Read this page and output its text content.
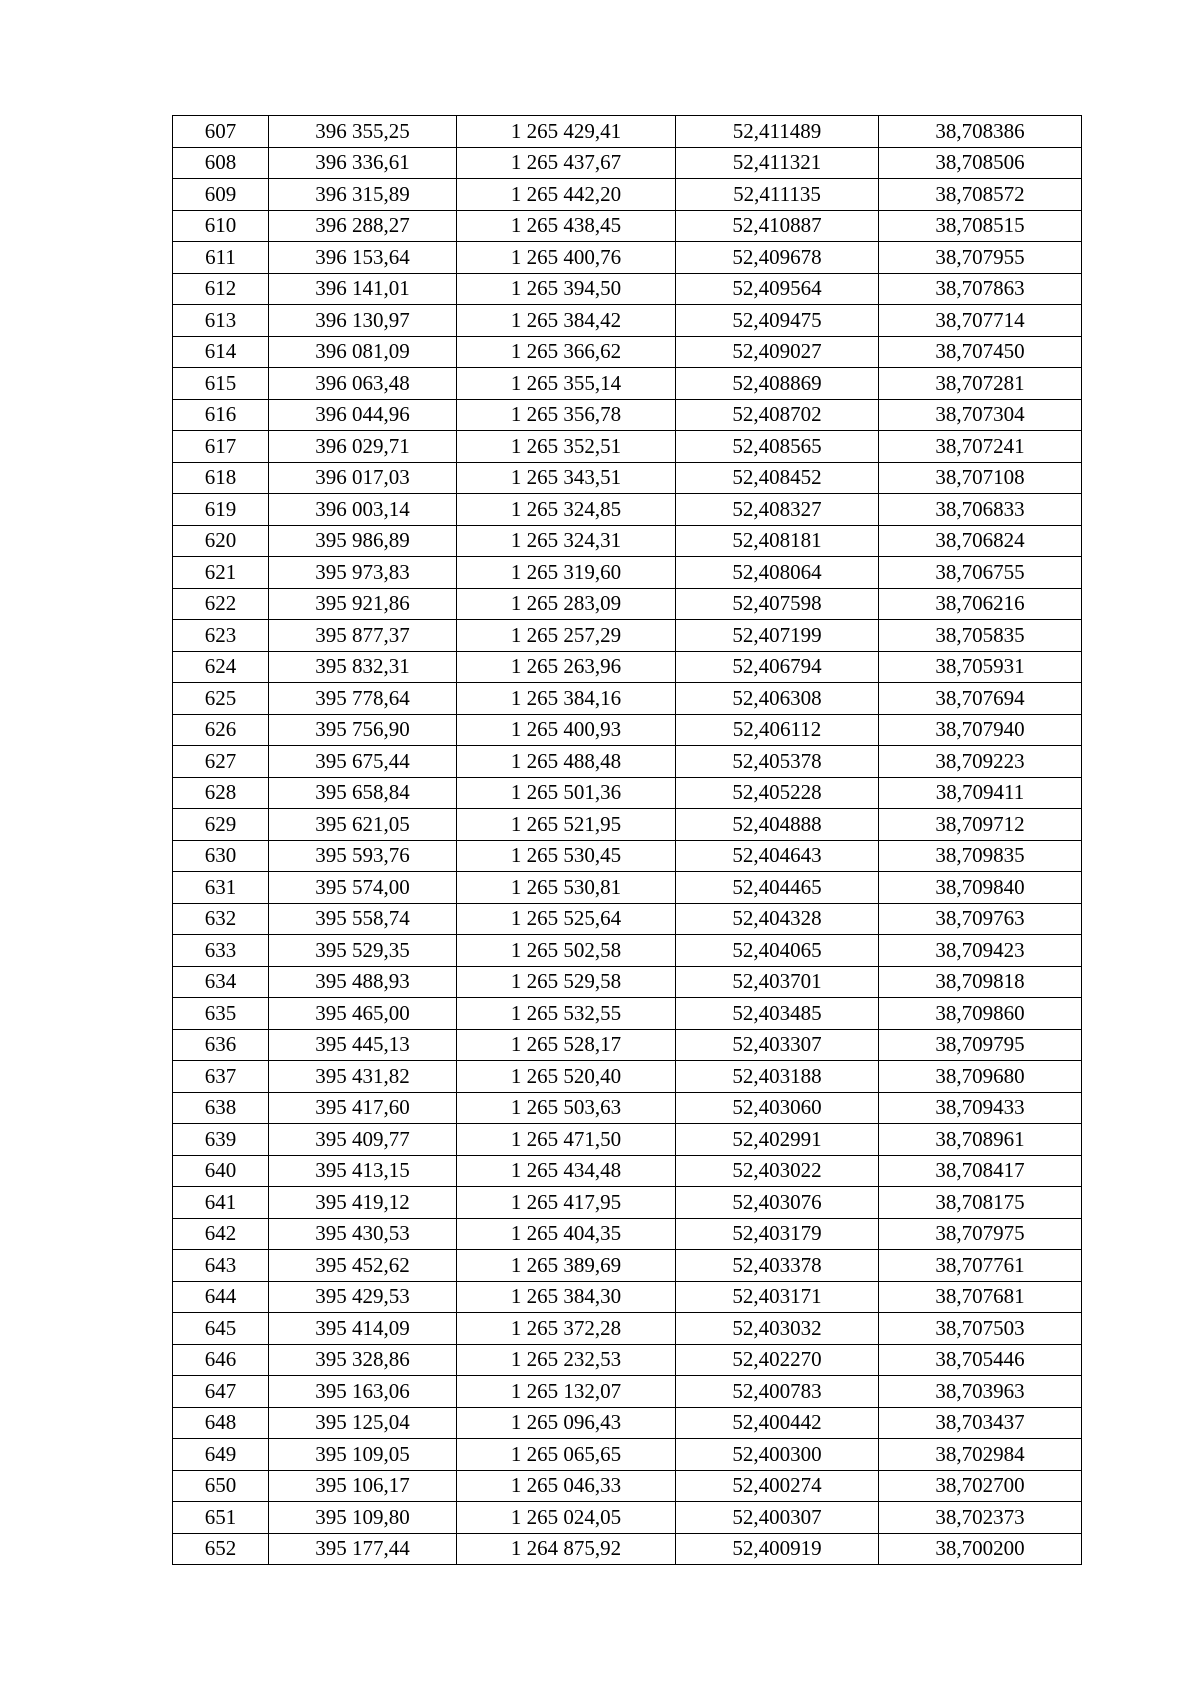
607	396 355,25	1 265 429,41	52,411489	38,708386
608	396 336,61	1 265 437,67	52,411321	38,708506
609	396 315,89	1 265 442,20	52,411135	38,708572
610	396 288,27	1 265 438,45	52,410887	38,708515
611	396 153,64	1 265 400,76	52,409678	38,707955
612	396 141,01	1 265 394,50	52,409564	38,707863
613	396 130,97	1 265 384,42	52,409475	38,707714
614	396 081,09	1 265 366,62	52,409027	38,707450
615	396 063,48	1 265 355,14	52,408869	38,707281
616	396 044,96	1 265 356,78	52,408702	38,707304
617	396 029,71	1 265 352,51	52,408565	38,707241
618	396 017,03	1 265 343,51	52,408452	38,707108
619	396 003,14	1 265 324,85	52,408327	38,706833
620	395 986,89	1 265 324,31	52,408181	38,706824
621	395 973,83	1 265 319,60	52,408064	38,706755
622	395 921,86	1 265 283,09	52,407598	38,706216
623	395 877,37	1 265 257,29	52,407199	38,705835
624	395 832,31	1 265 263,96	52,406794	38,705931
625	395 778,64	1 265 384,16	52,406308	38,707694
626	395 756,90	1 265 400,93	52,406112	38,707940
627	395 675,44	1 265 488,48	52,405378	38,709223
628	395 658,84	1 265 501,36	52,405228	38,709411
629	395 621,05	1 265 521,95	52,404888	38,709712
630	395 593,76	1 265 530,45	52,404643	38,709835
631	395 574,00	1 265 530,81	52,404465	38,709840
632	395 558,74	1 265 525,64	52,404328	38,709763
633	395 529,35	1 265 502,58	52,404065	38,709423
634	395 488,93	1 265 529,58	52,403701	38,709818
635	395 465,00	1 265 532,55	52,403485	38,709860
636	395 445,13	1 265 528,17	52,403307	38,709795
637	395 431,82	1 265 520,40	52,403188	38,709680
638	395 417,60	1 265 503,63	52,403060	38,709433
639	395 409,77	1 265 471,50	52,402991	38,708961
640	395 413,15	1 265 434,48	52,403022	38,708417
641	395 419,12	1 265 417,95	52,403076	38,708175
642	395 430,53	1 265 404,35	52,403179	38,707975
643	395 452,62	1 265 389,69	52,403378	38,707761
644	395 429,53	1 265 384,30	52,403171	38,707681
645	395 414,09	1 265 372,28	52,403032	38,707503
646	395 328,86	1 265 232,53	52,402270	38,705446
647	395 163,06	1 265 132,07	52,400783	38,703963
648	395 125,04	1 265 096,43	52,400442	38,703437
649	395 109,05	1 265 065,65	52,400300	38,702984
650	395 106,17	1 265 046,33	52,400274	38,702700
651	395 109,80	1 265 024,05	52,400307	38,702373
652	395 177,44	1 264 875,92	52,400919	38,700200
